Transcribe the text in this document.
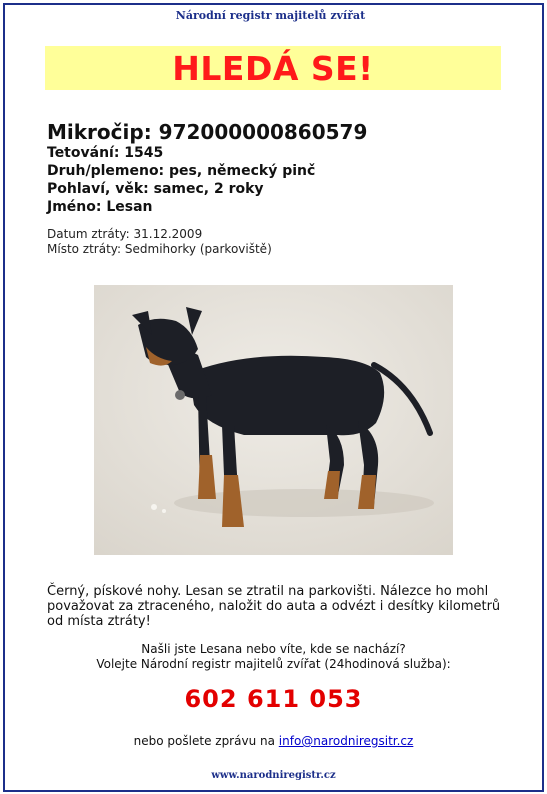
Národní registr majitelů zvířat
HLEDÁ SE!
Mikročip: 972000000860579
Tetování: 1545
Druh/plemeno: pes, německý pinč
Pohlaví, věk: samec, 2 roky
Jméno: Lesan
Datum ztráty: 31.12.2009
Místo ztráty: Sedmihorky (parkoviště)
Černý, pískové nohy. Lesan se ztratil na parkovišti. Nálezce ho mohl považovat za ztraceného, naložit do auta a odvézt i desítky kilometrů od místa ztráty!
Našli jste Lesana nebo víte, kde se nachází?
Volejte Národní registr majitelů zvířat (24hodinová služba):
602 611 053
nebo pošlete zprávu na info@narodniregsitr.cz
www.narodniregistr.cz
